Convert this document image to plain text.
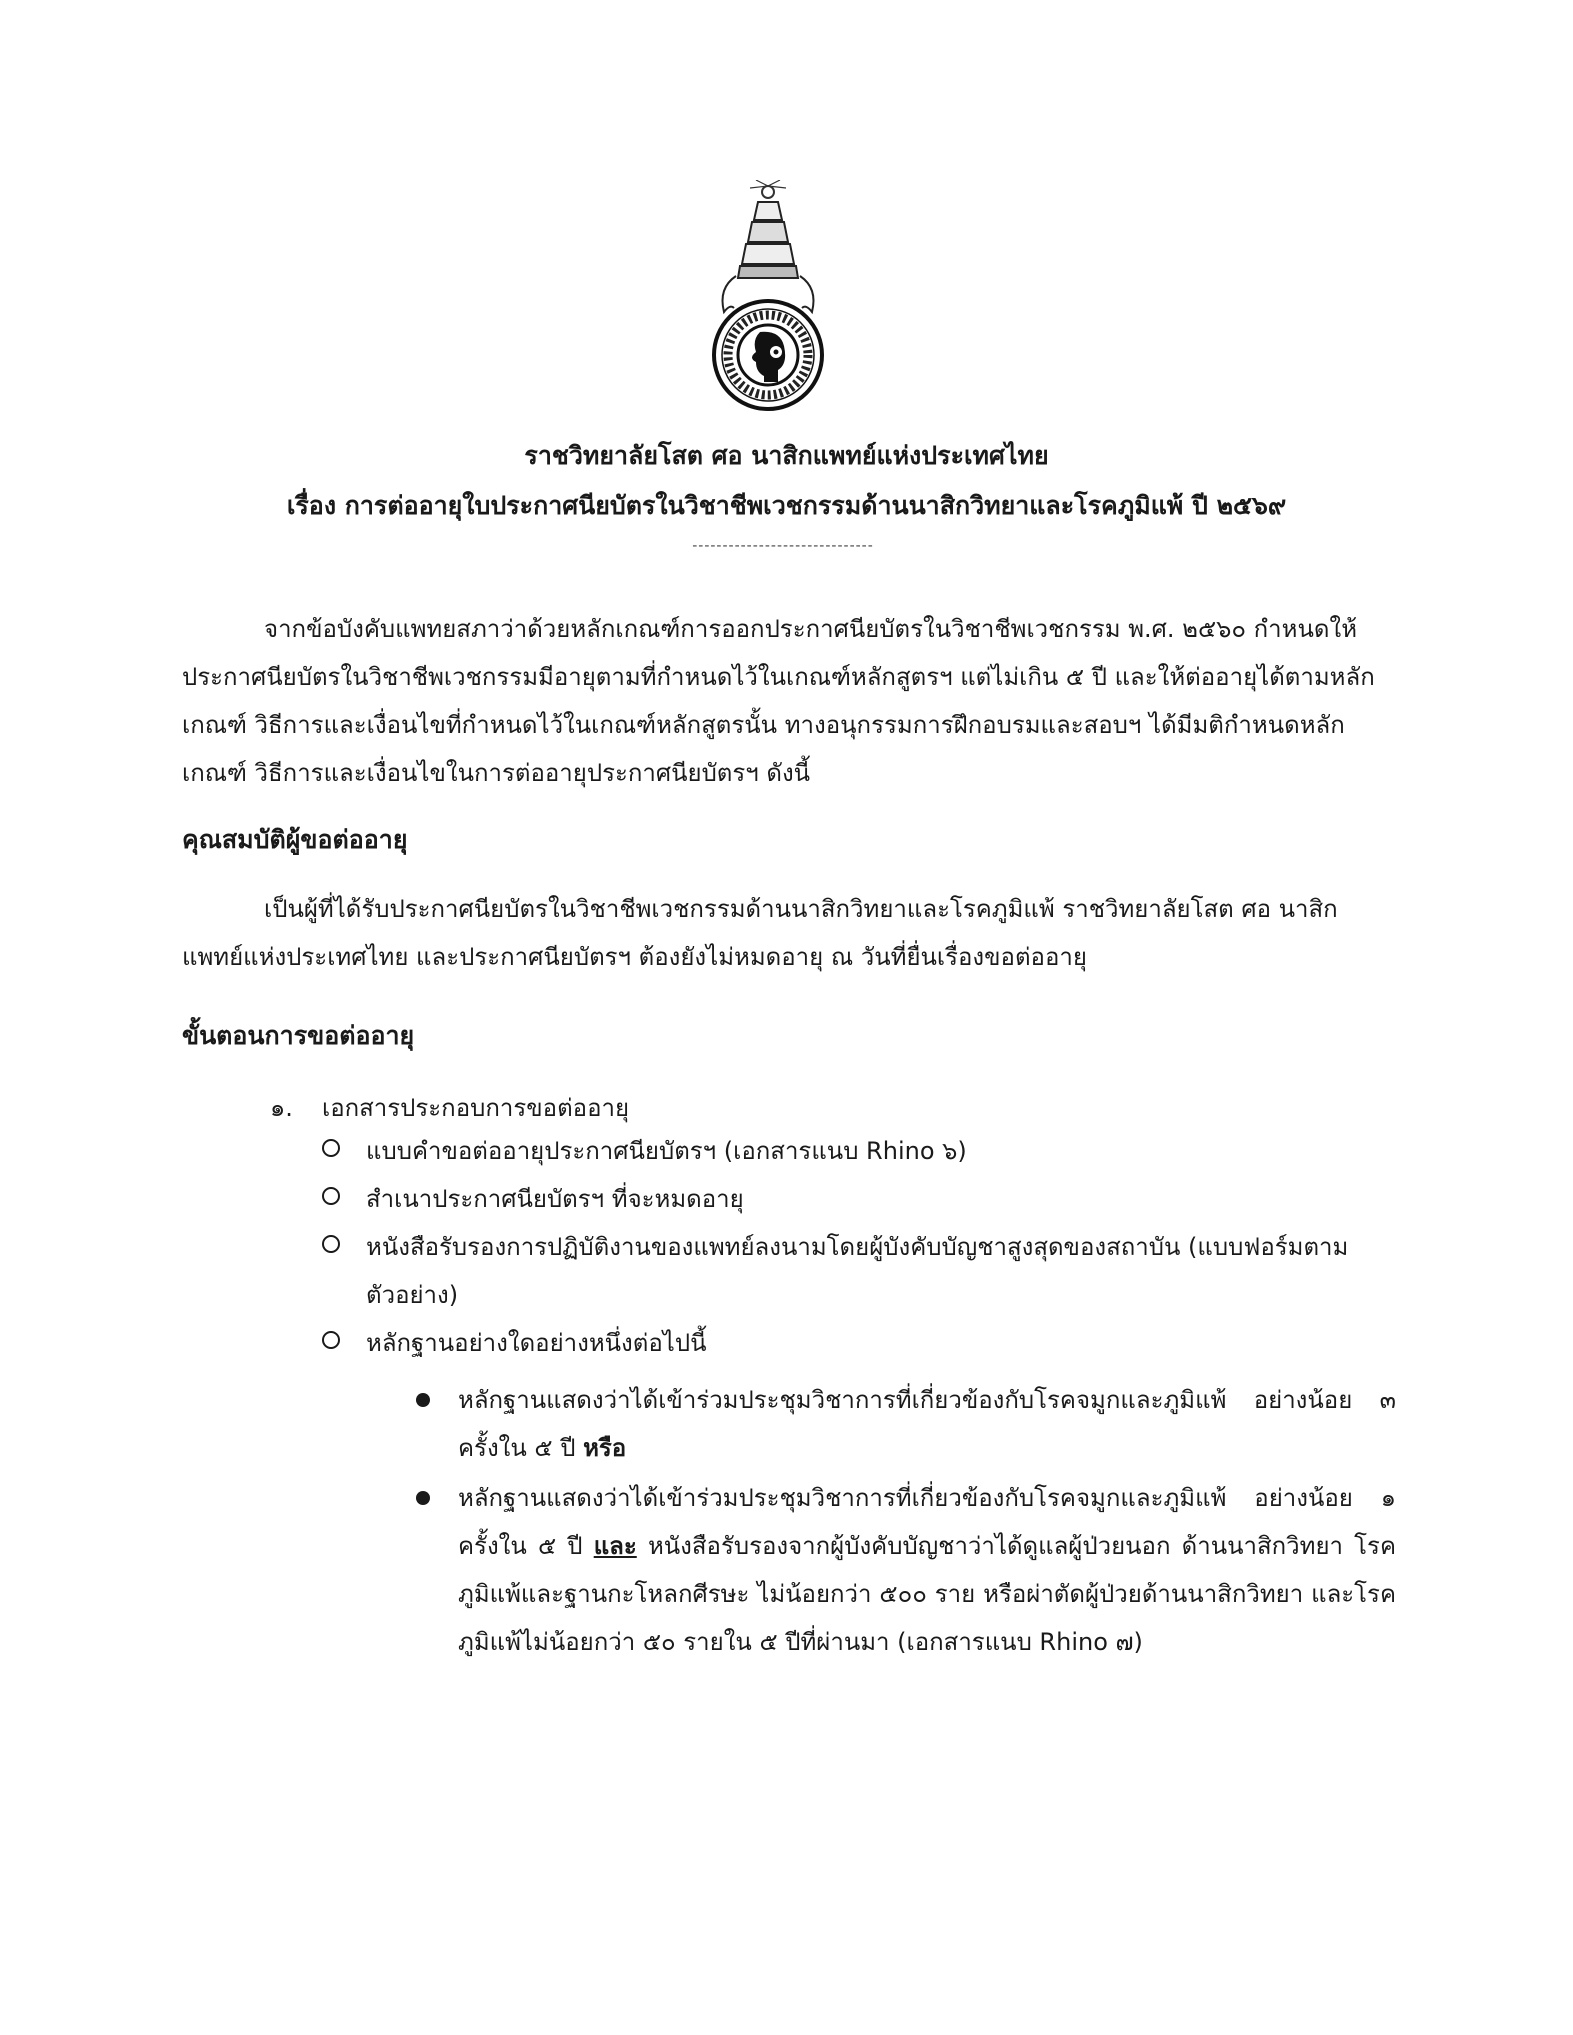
ราชวิทยาลัยโสต ศอ นาสิกแพทย์แห่งประเทศไทย
เรื่อง การต่ออายุใบประกาศนียบัตรในวิชาชีพเวชกรรมด้านนาสิกวิทยาและโรคภูมิแพ้ ปี ๒๕๖๙
------------------------------

จากข้อบังคับแพทยสภาว่าด้วยหลักเกณฑ์การออกประกาศนียบัตรในวิชาชีพเวชกรรม พ.ศ. ๒๕๖๐ กำหนดให้ประกาศนียบัตรในวิชาชีพเวชกรรมมีอายุตามที่กำหนดไว้ในเกณฑ์หลักสูตรฯ แต่ไม่เกิน ๕ ปี และให้ต่ออายุได้ตามหลักเกณฑ์ วิธีการและเงื่อนไขที่กำหนดไว้ในเกณฑ์หลักสูตรนั้น ทางอนุกรรมการฝึกอบรมและสอบฯ ได้มีมติกำหนดหลักเกณฑ์ วิธีการและเงื่อนไขในการต่ออายุประกาศนียบัตรฯ ดังนี้

คุณสมบัติผู้ขอต่ออายุ

เป็นผู้ที่ได้รับประกาศนียบัตรในวิชาชีพเวชกรรมด้านนาสิกวิทยาและโรคภูมิแพ้ ราชวิทยาลัยโสต ศอ นาสิก แพทย์แห่งประเทศไทย และประกาศนียบัตรฯ ต้องยังไม่หมดอายุ ณ วันที่ยื่นเรื่องขอต่ออายุ

ขั้นตอนการขอต่ออายุ
๑. เอกสารประกอบการขอต่ออายุ
แบบคำขอต่ออายุประกาศนียบัตรฯ (เอกสารแนบ Rhino ๖)
สำเนาประกาศนียบัตรฯ ที่จะหมดอายุ
หนังสือรับรองการปฏิบัติงานของแพทย์ลงนามโดยผู้บังคับบัญชาสูงสุดของสถาบัน (แบบฟอร์มตามตัวอย่าง)
หลักฐานอย่างใดอย่างหนึ่งต่อไปนี้
หลักฐานแสดงว่าได้เข้าร่วมประชุมวิชาการที่เกี่ยวข้องกับโรคจมูกและภูมิแพ้ อย่างน้อย ๓ ครั้งใน ๕ ปี หรือ
หลักฐานแสดงว่าได้เข้าร่วมประชุมวิชาการที่เกี่ยวข้องกับโรคจมูกและภูมิแพ้ อย่างน้อย ๑ ครั้งใน ๕ ปี และ หนังสือรับรองจากผู้บังคับบัญชาว่าได้ดูแลผู้ป่วยนอก ด้านนาสิกวิทยา โรคภูมิแพ้และฐานกะโหลกศีรษะ ไม่น้อยกว่า ๕๐๐ ราย หรือผ่าตัดผู้ป่วยด้านนาสิกวิทยา และโรคภูมิแพ้ไม่น้อยกว่า ๕๐ รายใน ๕ ปีที่ผ่านมา (เอกสารแนบ Rhino ๗)
